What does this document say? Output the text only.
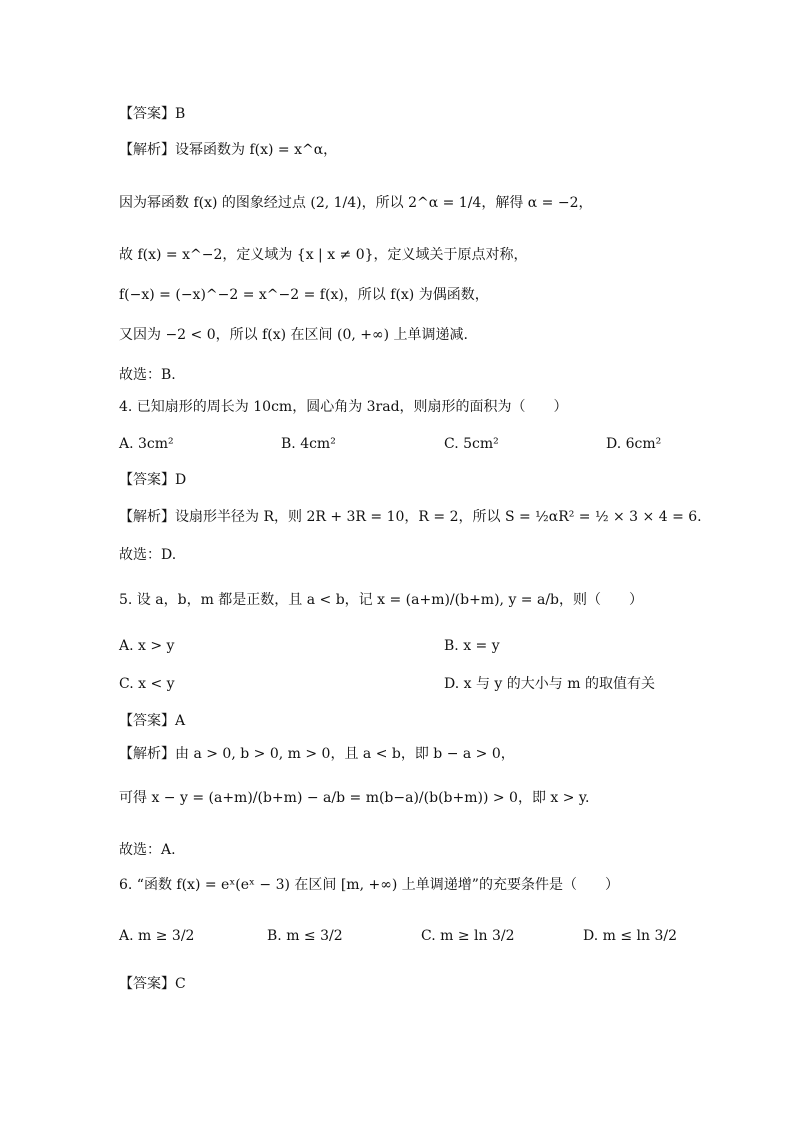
【答案】B
【解析】设幂函数为 f(x) = x^α，
因为幂函数 f(x) 的图象经过点 (2, 1/4)，所以 2^α = 1/4，解得 α = −2，
故 f(x) = x^−2，定义域为 {x | x ≠ 0}，定义域关于原点对称，
f(−x) = (−x)^−2 = x^−2 = f(x)，所以 f(x) 为偶函数，
又因为 −2 < 0，所以 f(x) 在区间 (0, +∞) 上单调递减.
故选：B.
4. 已知扇形的周长为 10cm，圆心角为 3rad，则扇形的面积为（　　）
A. 3cm²	B. 4cm²	C. 5cm²	D. 6cm²
【答案】D
【解析】设扇形半径为 R，则 2R + 3R = 10，R = 2，所以 S = ½αR² = ½ × 3 × 4 = 6.
故选：D.
5. 设 a，b，m 都是正数，且 a < b，记 x = (a+m)/(b+m), y = a/b，则（　　）
A. x > y	B. x = y
C. x < y	D. x 与 y 的大小与 m 的取值有关
【答案】A
【解析】由 a > 0, b > 0, m > 0，且 a < b，即 b − a > 0，
可得 x − y = (a+m)/(b+m) − a/b = m(b−a)/(b(b+m)) > 0，即 x > y.
故选：A.
6. “函数 f(x) = eˣ(eˣ − 3) 在区间 [m, +∞) 上单调递增”的充要条件是（　　）
A. m ≥ 3/2	B. m ≤ 3/2	C. m ≥ ln 3/2	D. m ≤ ln 3/2
【答案】C
